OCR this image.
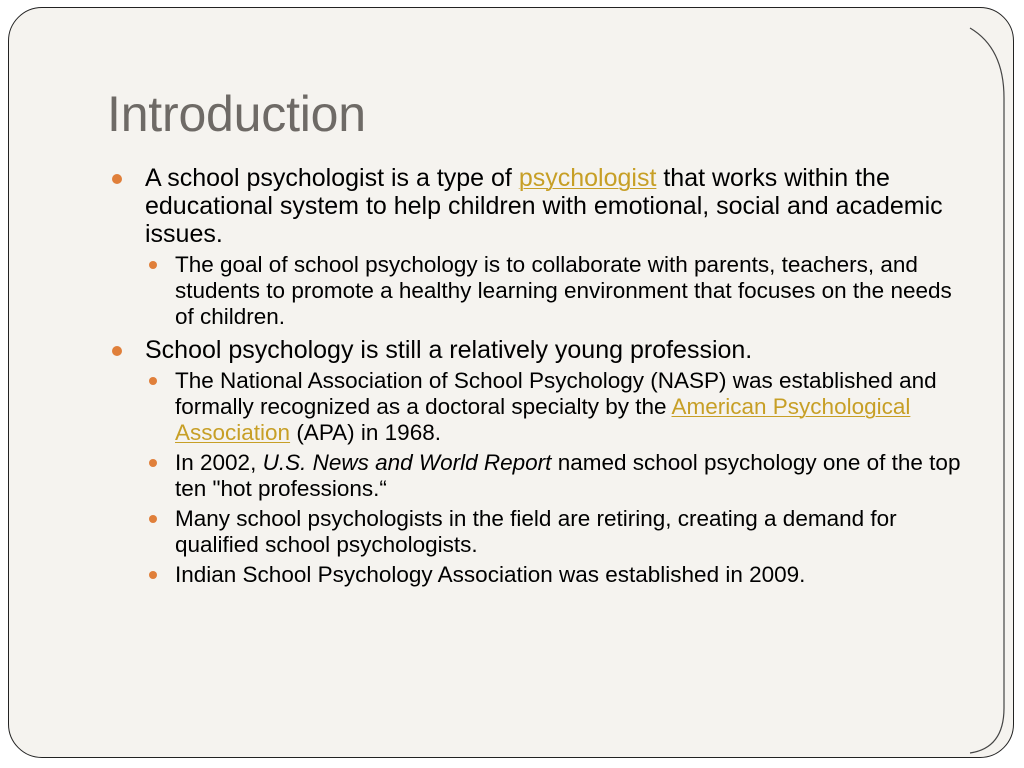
Introduction
A school psychologist is a type of psychologist that works within the educational system to help children with emotional, social and academic issues.
The goal of school psychology is to collaborate with parents, teachers, and students to promote a healthy learning environment that focuses on the needs of children.
School psychology is still a relatively young profession.
The National Association of School Psychology (NASP) was established and formally recognized as a doctoral specialty by the American Psychological Association (APA) in 1968.
In 2002, U.S. News and World Report named school psychology one of the top ten "hot professions.“
Many school psychologists in the field are retiring, creating a demand for qualified school psychologists.
Indian School Psychology Association was established in 2009.
